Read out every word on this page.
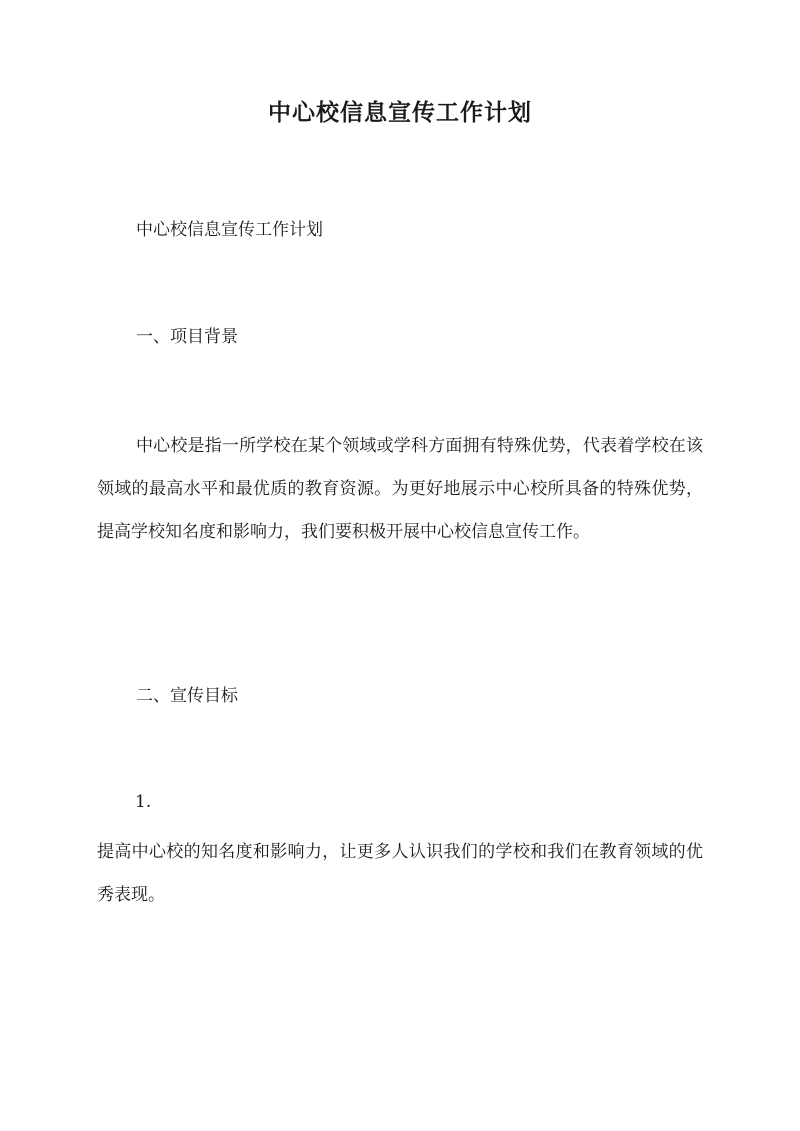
中心校信息宣传工作计划

中心校信息宣传工作计划

一、项目背景

中心校是指一所学校在某个领域或学科方面拥有特殊优势，代表着学校在该领域的最高水平和最优质的教育资源。为更好地展示中心校所具备的特殊优势，提高学校知名度和影响力，我们要积极开展中心校信息宣传工作。

二、宣传目标

1.

提高中心校的知名度和影响力，让更多人认识我们的学校和我们在教育领域的优秀表现。
